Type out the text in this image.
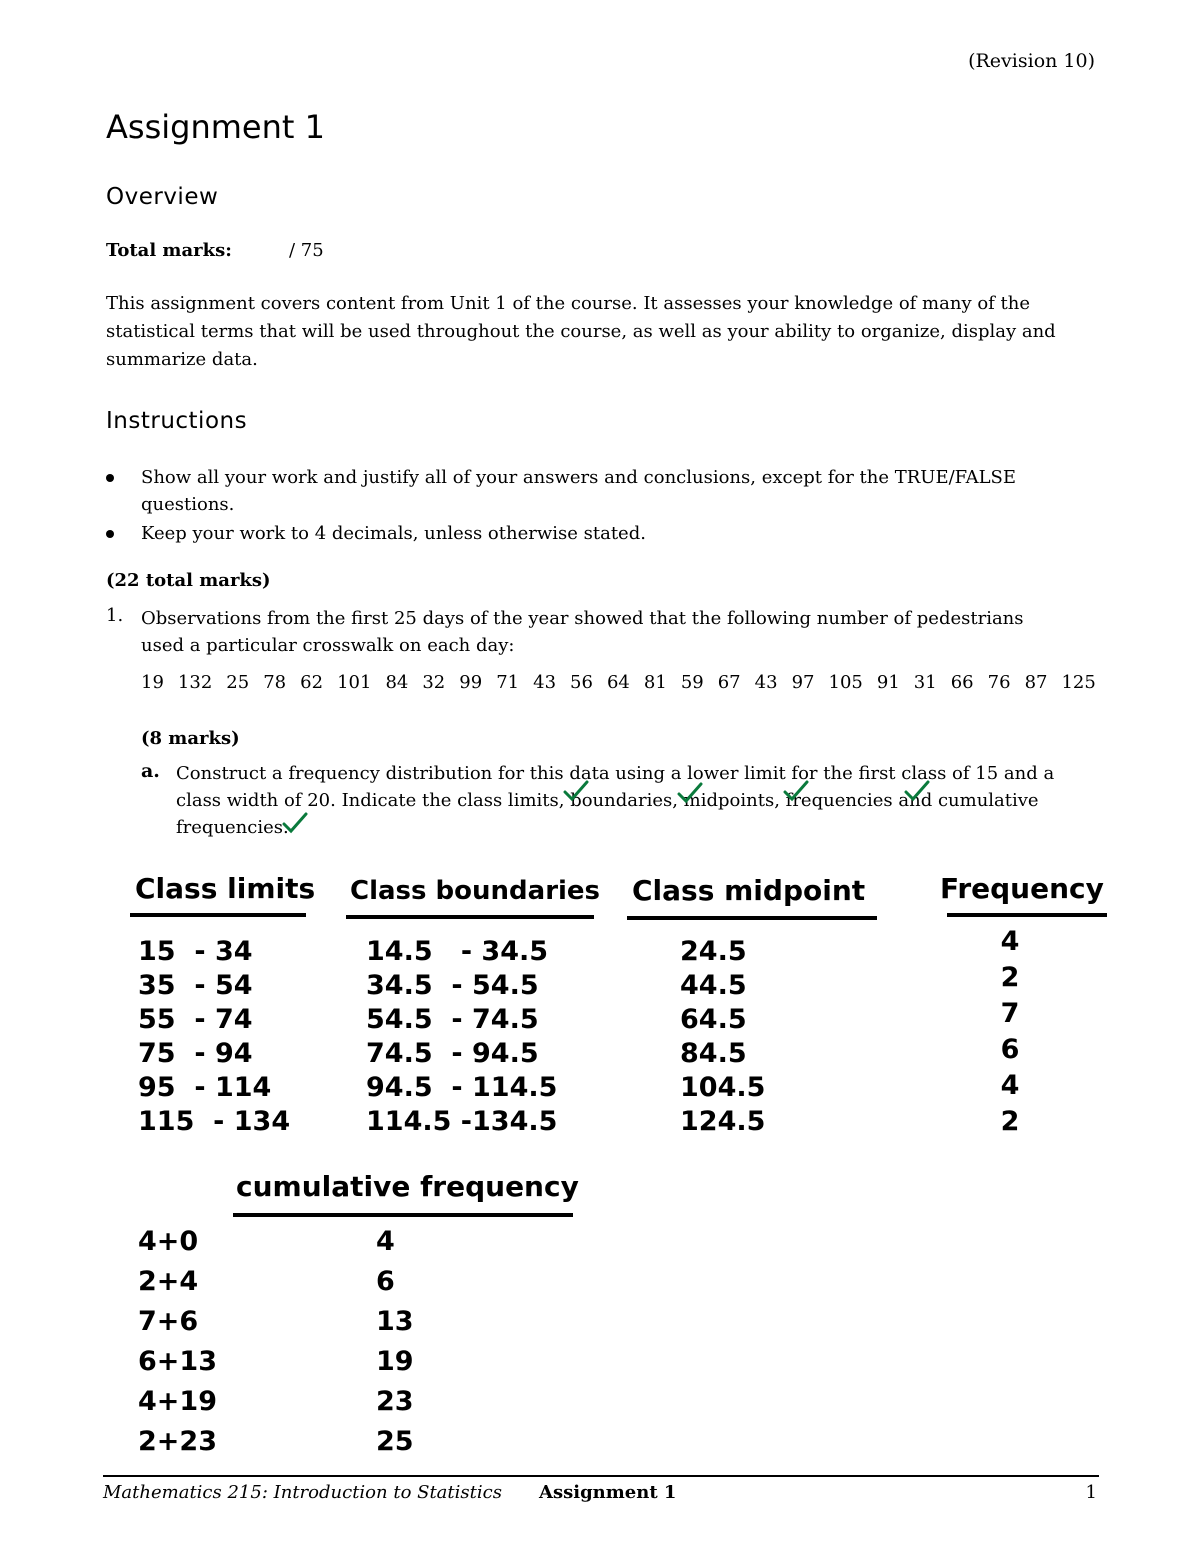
(Revision 10)
Assignment 1
Overview
Total marks:	/ 75
This assignment covers content from Unit 1 of the course. It assesses your knowledge of many of the statistical terms that will be used throughout the course, as well as your ability to organize, display and summarize data.
Instructions
Show all your work and justify all of your answers and conclusions, except for the TRUE/FALSE questions.
Keep your work to 4 decimals, unless otherwise stated.
(22 total marks)
1. Observations from the first 25 days of the year showed that the following number of pedestrians used a particular crosswalk on each day:
19 132 25 78 62 101 84 32 99 71 43 56 64 81 59 67 43 97 105 91 31 66 76 87 125
(8 marks)
a. Construct a frequency distribution for this data using a lower limit for the first class of 15 and a class width of 20. Indicate the class limits, boundaries, midpoints, frequencies and cumulative frequencies.
Class limits
15  - 34
35  - 54
55  - 74
75  - 94
95  - 114
115  - 134
Class boundaries
14.5   - 34.5
34.5  - 54.5
54.5  - 74.5
74.5  - 94.5
94.5  - 114.5
114.5 -134.5
Class midpoint
24.5
44.5
64.5
84.5
104.5
124.5
Frequency
4
2
7
6
4
2
cumulative frequency
4+0
2+4
7+6
6+13
4+19
2+23
4
6
13
19
23
25
Mathematics 215: Introduction to Statistics Assignment 1	1
